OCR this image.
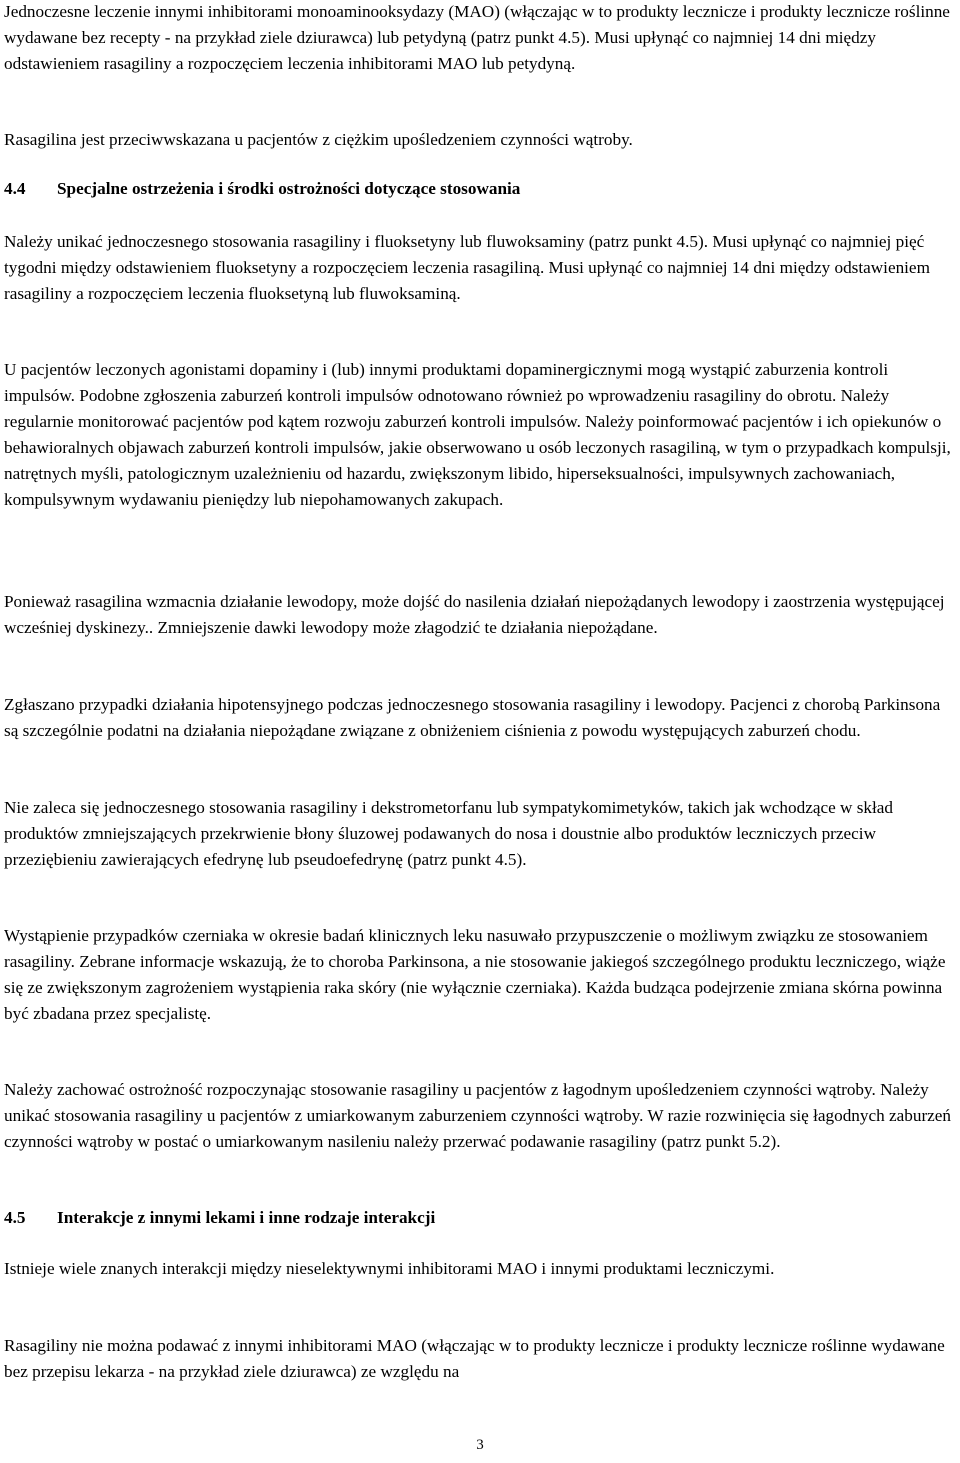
Jednoczesne leczenie innymi inhibitorami monoaminooksydazy (MAO) (włączając w to produkty lecznicze i produkty lecznicze roślinne wydawane bez recepty - na przykład ziele dziurawca) lub petydyną (patrz punkt 4.5). Musi upłynąć co najmniej 14 dni między odstawieniem rasagiliny a rozpoczęciem leczenia inhibitorami MAO lub petydyną.

Rasagilina jest przeciwwskazana u pacjentów z ciężkim upośledzeniem czynności wątroby.

4.4	Specjalne ostrzeżenia i środki ostrożności dotyczące stosowania

Należy unikać jednoczesnego stosowania rasagiliny i fluoksetyny lub fluwoksaminy (patrz punkt 4.5). Musi upłynąć co najmniej pięć tygodni między odstawieniem fluoksetyny a rozpoczęciem leczenia rasagiliną. Musi upłynąć co najmniej 14 dni między odstawieniem rasagiliny a rozpoczęciem leczenia fluoksetyną lub fluwoksaminą.

U pacjentów leczonych agonistami dopaminy i (lub) innymi produktami dopaminergicznymi mogą wystąpić zaburzenia kontroli impulsów. Podobne zgłoszenia zaburzeń kontroli impulsów odnotowano również po wprowadzeniu rasagiliny do obrotu. Należy regularnie monitorować pacjentów pod kątem rozwoju zaburzeń kontroli impulsów. Należy poinformować pacjentów i ich opiekunów o behawioralnych objawach zaburzeń kontroli impulsów, jakie obserwowano u osób leczonych rasagiliną, w tym o przypadkach kompulsji, natrętnych myśli, patologicznym uzależnieniu od hazardu, zwiększonym libido, hiperseksualności, impulsywnych zachowaniach, kompulsywnym wydawaniu pieniędzy lub niepohamowanych zakupach.

Ponieważ rasagilina wzmacnia działanie lewodopy, może dojść do nasilenia działań niepożądanych lewodopy i zaostrzenia występującej wcześniej dyskinezy.. Zmniejszenie dawki lewodopy może złagodzić te działania niepożądane.

Zgłaszano przypadki działania hipotensyjnego podczas jednoczesnego stosowania rasagiliny i lewodopy. Pacjenci z chorobą Parkinsona są szczególnie podatni na działania niepożądane związane z obniżeniem ciśnienia z powodu występujących zaburzeń chodu.

Nie zaleca się jednoczesnego stosowania rasagiliny i dekstrometorfanu lub sympatykomimetyków, takich jak wchodzące w skład produktów zmniejszających przekrwienie błony śluzowej podawanych do nosa i doustnie albo produktów leczniczych przeciw przeziębieniu zawierających efedrynę lub pseudoefedrynę (patrz punkt 4.5).

Wystąpienie przypadków czerniaka w okresie badań klinicznych leku nasuwało przypuszczenie o możliwym związku ze stosowaniem rasagiliny. Zebrane informacje wskazują, że to choroba Parkinsona, a nie stosowanie jakiegoś szczególnego produktu leczniczego, wiąże się ze zwiększonym zagrożeniem wystąpienia raka skóry (nie wyłącznie czerniaka). Każda budząca podejrzenie zmiana skórna powinna być zbadana przez specjalistę.

Należy zachować ostrożność rozpoczynając stosowanie rasagiliny u pacjentów z łagodnym upośledzeniem czynności wątroby. Należy unikać stosowania rasagiliny u pacjentów z umiarkowanym zaburzeniem czynności wątroby. W razie rozwinięcia się łagodnych zaburzeń czynności wątroby w postać o umiarkowanym nasileniu należy przerwać podawanie rasagiliny (patrz punkt 5.2).

4.5	Interakcje z innymi lekami i inne rodzaje interakcji

Istnieje wiele znanych interakcji między nieselektywnymi inhibitorami MAO i innymi produktami leczniczymi.

Rasagiliny nie można podawać z innymi inhibitorami MAO (włączając w to produkty lecznicze i produkty lecznicze roślinne wydawane bez przepisu lekarza - na przykład ziele dziurawca) ze względu na

3
